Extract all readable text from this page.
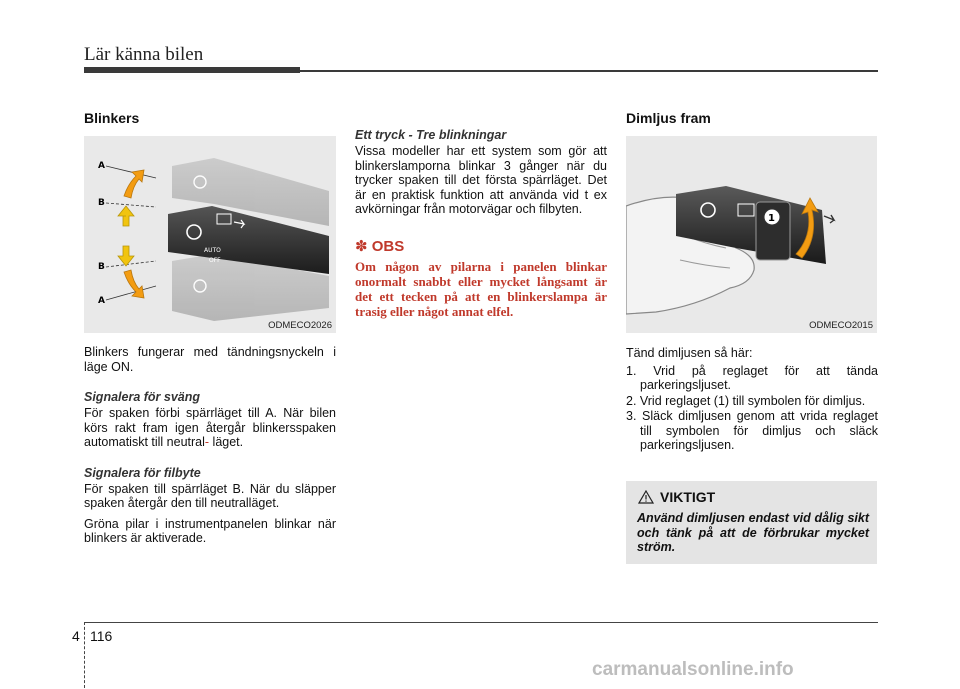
Lär känna bilen
Blinkers
AUTO
OFF
A
B
B
A
ODMECO2026

Blinkers fungerar med tändningsnyckeln i läge ON.

Signalera för sväng

För spaken förbi spärrläget till A. När bilen körs rakt fram igen återgår blinkersspaken automatiskt till neutral- läget.

Signalera för filbyte

För spaken till spärrläget B. När du släpper spaken återgår den till neutralläget.

Gröna pilar i instrumentpanelen blinkar när blinkers är aktiverade.

Ett tryck - Tre blinkningar

Vissa modeller har ett system som gör att blinkerslamporna blinkar 3 gånger när du trycker spaken till det första spärrläget. Det är en praktisk funktion att använda vid t ex avkörningar från motorvägar och filbyten.

✽ OBS

Om någon av pilarna i panelen blinkar onormalt snabbt eller mycket långsamt är det ett tecken på att en blinkerslampa är trasig eller något annat elfel.

Dimljus fram
1
ODMECO2015

Tänd dimljusen så här:

1. Vrid på reglaget för att tända parkeringsljuset.
2. Vrid reglaget (1) till symbolen för dimljus.
3. Släck dimljusen genom att vrida reglaget till symbolen för dimljus och släck parkeringsljusen.
VIKTIGT
Använd dimljusen endast vid dålig sikt och tänk på att de förbrukar mycket ström.
4 116
carmanualsonline.info
